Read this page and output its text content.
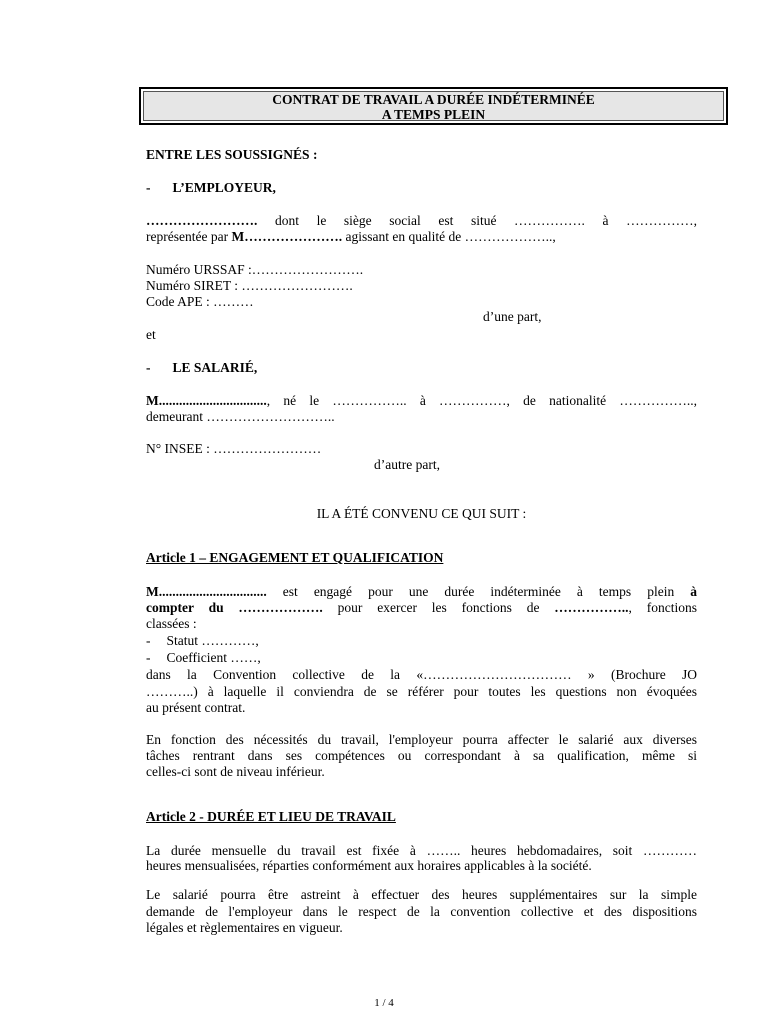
CONTRAT DE TRAVAIL A DURÉE INDÉTERMINÉE
A TEMPS PLEIN
ENTRE LES SOUSSIGNÉS :
- L’EMPLOYEUR,
……………………. dont le siège social est situé ……………. à ……………,
représentée par M…………………. agissant en qualité de ………………..,
Numéro URSSAF :…………………….
Numéro SIRET : …………………….
Code APE : ………
d’une part,
et
- LE SALARIÉ,
M................................, né le …………….. à ……………, de nationalité ……………..,
demeurant ………………………..
N° INSEE : ……………………
d’autre part,
IL A ÉTÉ CONVENU CE QUI SUIT :
Article 1 – ENGAGEMENT ET QUALIFICATION
M................................ est engagé pour une durée indéterminée à temps plein à
compter du ………………. pour exercer les fonctions de …………….., fonctions
classées :
- Statut …………,
- Coefficient ……,
dans la Convention collective de la «…………………………… » (Brochure JO
………..) à laquelle il conviendra de se référer pour toutes les questions non évoquées
au présent contrat.
En fonction des nécessités du travail, l'employeur pourra affecter le salarié aux diverses
tâches rentrant dans ses compétences ou correspondant à sa qualification, même si
celles-ci sont de niveau inférieur.
Article 2 - DURÉE ET LIEU DE TRAVAIL
La durée mensuelle du travail est fixée à …….. heures hebdomadaires, soit …………
heures mensualisées, réparties conformément aux horaires applicables à la société.
Le salarié pourra être astreint à effectuer des heures supplémentaires sur la simple
demande de l'employeur dans le respect de la convention collective et des dispositions
légales et règlementaires en vigueur.
1 / 4
